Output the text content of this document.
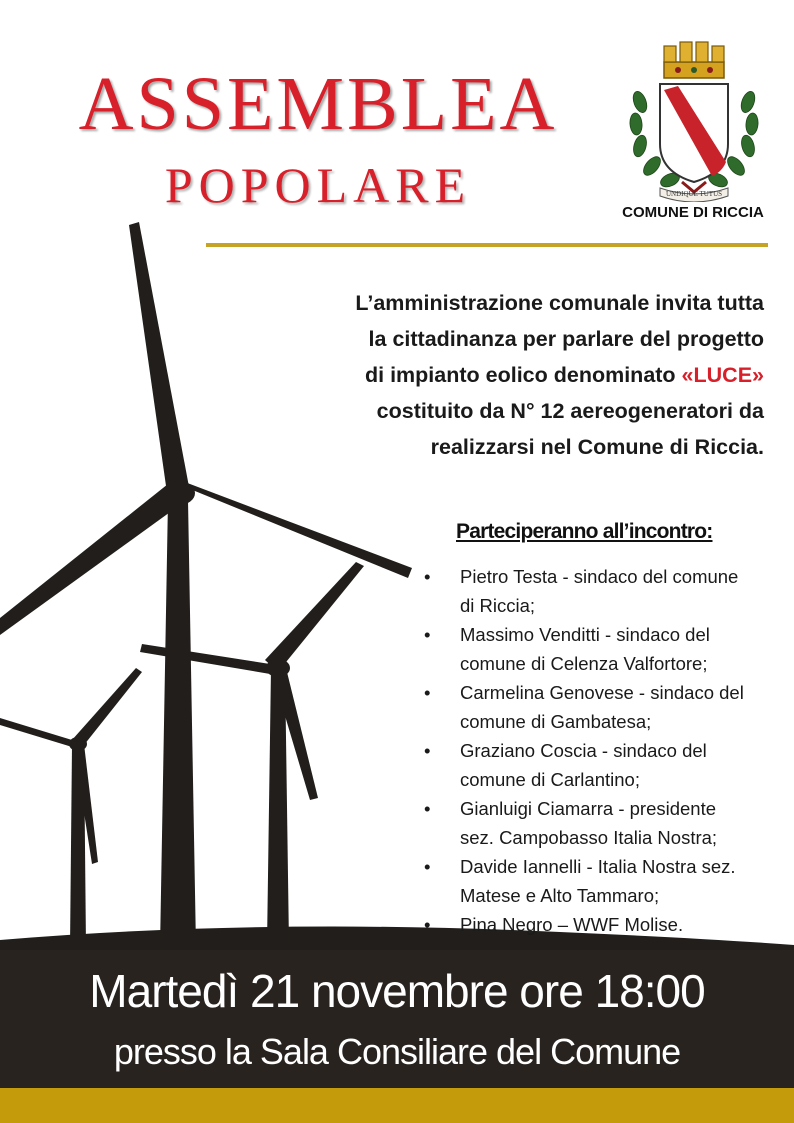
ASSEMBLEA
POPOLARE	UNDIQUE TUTUS
COMUNE DI RICCIA
L’amministrazione comunale invita tutta
la cittadinanza per parlare del progetto
di impianto eolico denominato «LUCE»
costituito da N° 12 aereogeneratori da
realizzarsi nel Comune di Riccia.
Parteciperanno all’incontro:
• Pietro Testa - sindaco del comune
di Riccia;
• Massimo Venditti - sindaco del
comune di Celenza Valfortore;
• Carmelina Genovese - sindaco del
comune di Gambatesa;
• Graziano Coscia - sindaco del
comune di Carlantino;
• Gianluigi Ciamarra - presidente
sez. Campobasso Italia Nostra;
• Davide Iannelli - Italia Nostra sez.
Matese e Alto Tammaro;
• Pina Negro – WWF Molise.
Martedì 21 novembre ore 18:00
presso la Sala Consiliare del Comune
